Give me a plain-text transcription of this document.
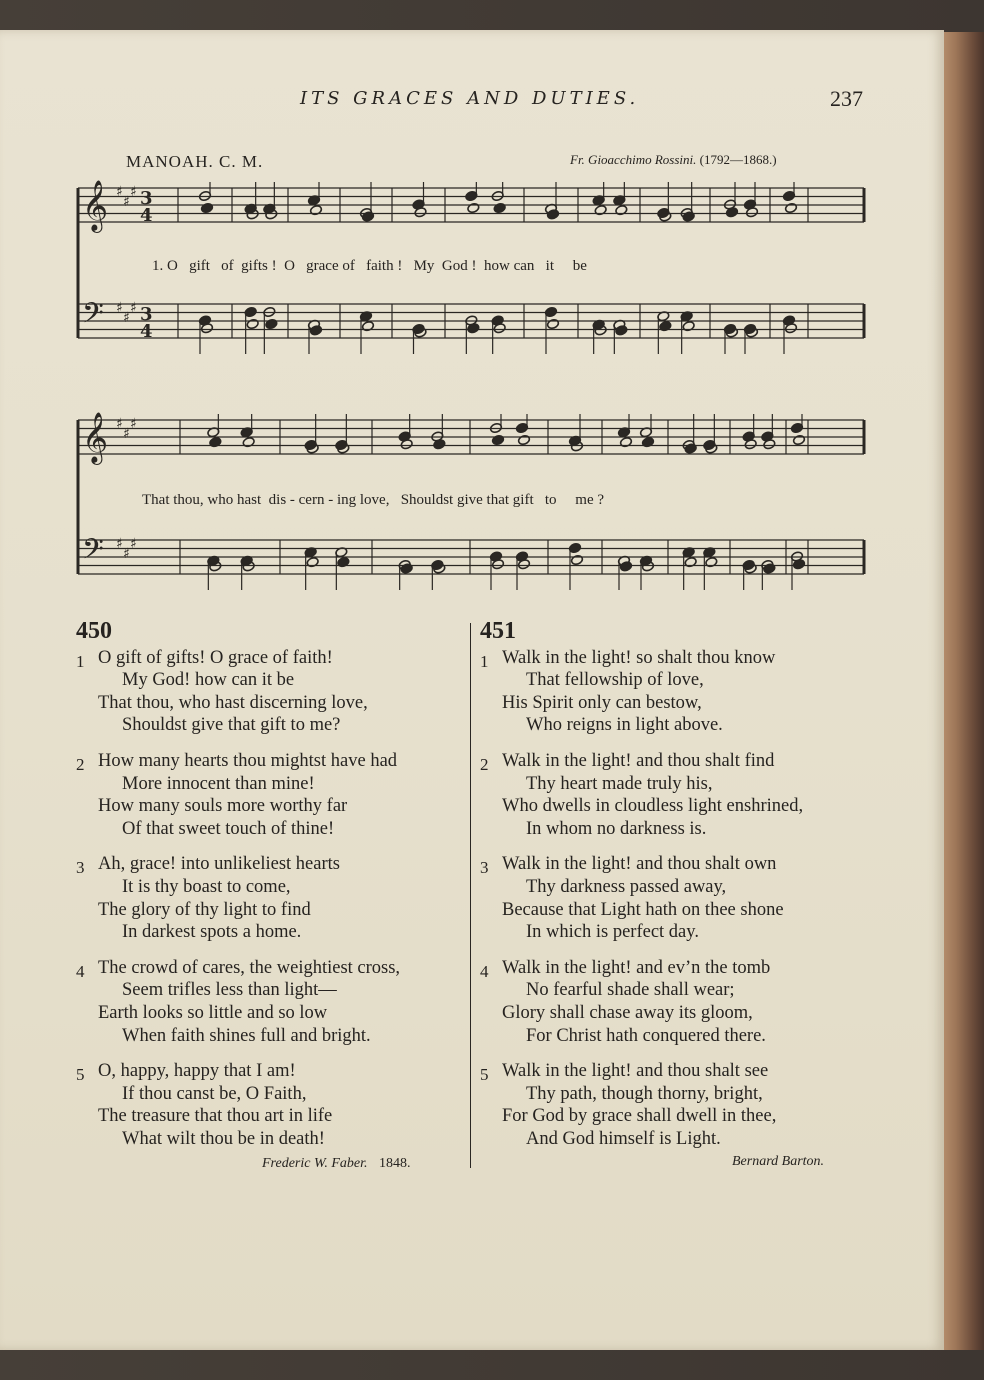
ITS GRACES AND DUTIES.	237
MANOAH. C. M.	Fr. Gioacchimo Rossini. (1792—1868.)
𝄞 ♯
♯
♯
𝄢 ♯
♯
♯
3
4
3
4
𝄞 ♯
♯
♯
𝄢 ♯
♯
♯
1. O   gift   of  gifts !  O   grace of   faith !   My  God !  how can   it     be
That thou, who hast  dis - cern - ing love,   Shouldst give that gift   to     me ?
450
1 O gift of gifts! O grace of faith!
My God! how can it be
That thou, who hast discerning love,
Shouldst give that gift to me?
2 How many hearts thou mightst have had
More innocent than mine!
How many souls more worthy far
Of that sweet touch of thine!
3 Ah, grace! into unlikeliest hearts
It is thy boast to come,
The glory of thy light to find
In darkest spots a home.
4 The crowd of cares, the weightiest cross,
Seem trifles less than light—
Earth looks so little and so low
When faith shines full and bright.
5 O, happy, happy that I am!
If thou canst be, O Faith,
The treasure that thou art in life
What wilt thou be in death!
Frederic W. Faber. 1848.
451
1 Walk in the light! so shalt thou know
That fellowship of love,
His Spirit only can bestow,
Who reigns in light above.
2 Walk in the light! and thou shalt find
Thy heart made truly his,
Who dwells in cloudless light enshrined,
In whom no darkness is.
3 Walk in the light! and thou shalt own
Thy darkness passed away,
Because that Light hath on thee shone
In which is perfect day.
4 Walk in the light! and ev’n the tomb
No fearful shade shall wear;
Glory shall chase away its gloom,
For Christ hath conquered there.
5 Walk in the light! and thou shalt see
Thy path, though thorny, bright,
For God by grace shall dwell in thee,
And God himself is Light.
Bernard Barton.
